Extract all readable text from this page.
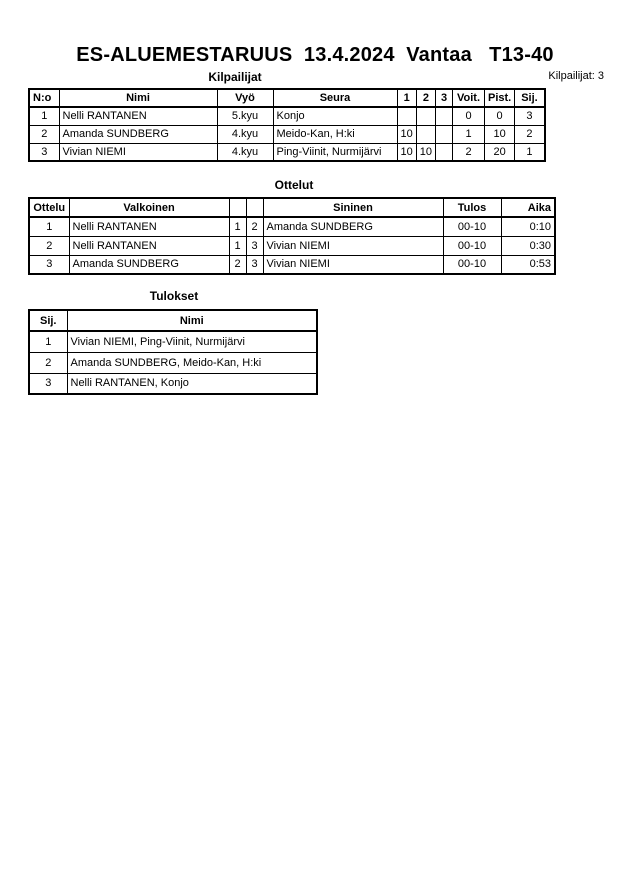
ES-ALUEMESTARUUS  13.4.2024  Vantaa   T13-40
Kilpailijat: 3
Kilpailijat
N:o	Nimi	Vyö	Seura	1	2	3	Voit.	Pist.	Sij.
1	Nelli RANTANEN	5.kyu	Konjo				0	0	3
2	Amanda SUNDBERG	4.kyu	Meido-Kan, H:ki	10			1	10	2
3	Vivian NIEMI	4.kyu	Ping-Viinit, Nurmijärvi	10	10		2	20	1
Ottelut
Ottelu	Valkoinen			Sininen	Tulos	Aika
1	Nelli RANTANEN	1	2	Amanda SUNDBERG	00-10	0:10
2	Nelli RANTANEN	1	3	Vivian NIEMI	00-10	0:30
3	Amanda SUNDBERG	2	3	Vivian NIEMI	00-10	0:53
Tulokset
Sij.	Nimi
1	Vivian NIEMI, Ping-Viinit, Nurmijärvi
2	Amanda SUNDBERG, Meido-Kan, H:ki
3	Nelli RANTANEN, Konjo
